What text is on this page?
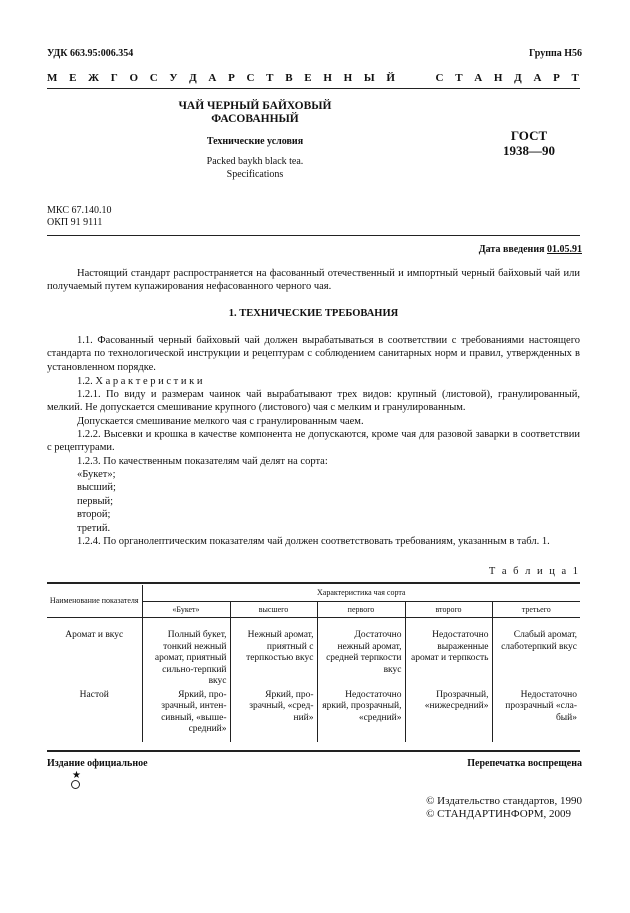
УДК 663.95:006.354	Группа Н56
М Е Ж Г О С У Д А Р С Т В Е Н Н Ы Й

	С Т А Н Д А Р Т
ЧАЙ ЧЕРНЫЙ БАЙХОВЫЙ
ФАСОВАННЫЙ
Технические условия
Packed baykh black tea.
Specifications
ГОСТ
1938—90
МКС 67.140.10
ОКП 91 9111
Дата введения 01.05.91
Настоящий стандарт распространяется на фасованный отечественный и импортный черный байховый чай или получаемый путем купажирования нефасованного черного чая.
1. ТЕХНИЧЕСКИЕ ТРЕБОВАНИЯ
1.1. Фасованный черный байховый чай должен вырабатываться в соответствии с требованиями настоящего стандарта по технологической инструкции и рецептурам с соблюдением санитарных норм и правил, утвержденных в установленном порядке.
1.2. Х а р а к т е р и с т и к и
1.2.1. По виду и размерам чаинок чай вырабатывают трех видов: крупный (листовой), гранулированный, мелкий. Не допускается смешивание крупного (листового) чая с мелким и гранулированным.
Допускается смешивание мелкого чая с гранулированным чаем.
1.2.2. Высевки и крошка в качестве компонента не допускаются, кроме чая для разовой заварки в соответствии с рецептурами.
1.2.3. По качественным показателям чай делят на сорта:
«Букет»;
высший;
первый;
второй;
третий.
1.2.4. По органолептическим показателям чай должен соответствовать требованиям, указанным в табл. 1.
Т а б л и ц а 1
Наименование показателя	Характеристика чая сорта				
	«Букет»	высшего	первого	второго	третьего
Аромат и вкус	Полный букет, тонкий нежный аромат, приятный сильно-терпкий вкус	Нежный аромат, приятный с терпкостью вкус	Достаточно нежный аромат, средней терпкости вкус	Недостаточно выраженные аромат и терпкость	Слабый аромат, слаботерпкий вкус
Настой	Яркий, прозрачный, интенсивный, «вышесредний»	Яркий, прозрачный, «средний»	Недостаточно яркий, прозрачный, «средний»	Прозрачный, «нижесредний»	Недостаточно прозрачный «слабый»
Издание официальное	Перепечатка воспрещена
★
© Издательство стандартов, 1990
© СТАНДАРТИНФОРМ, 2009
